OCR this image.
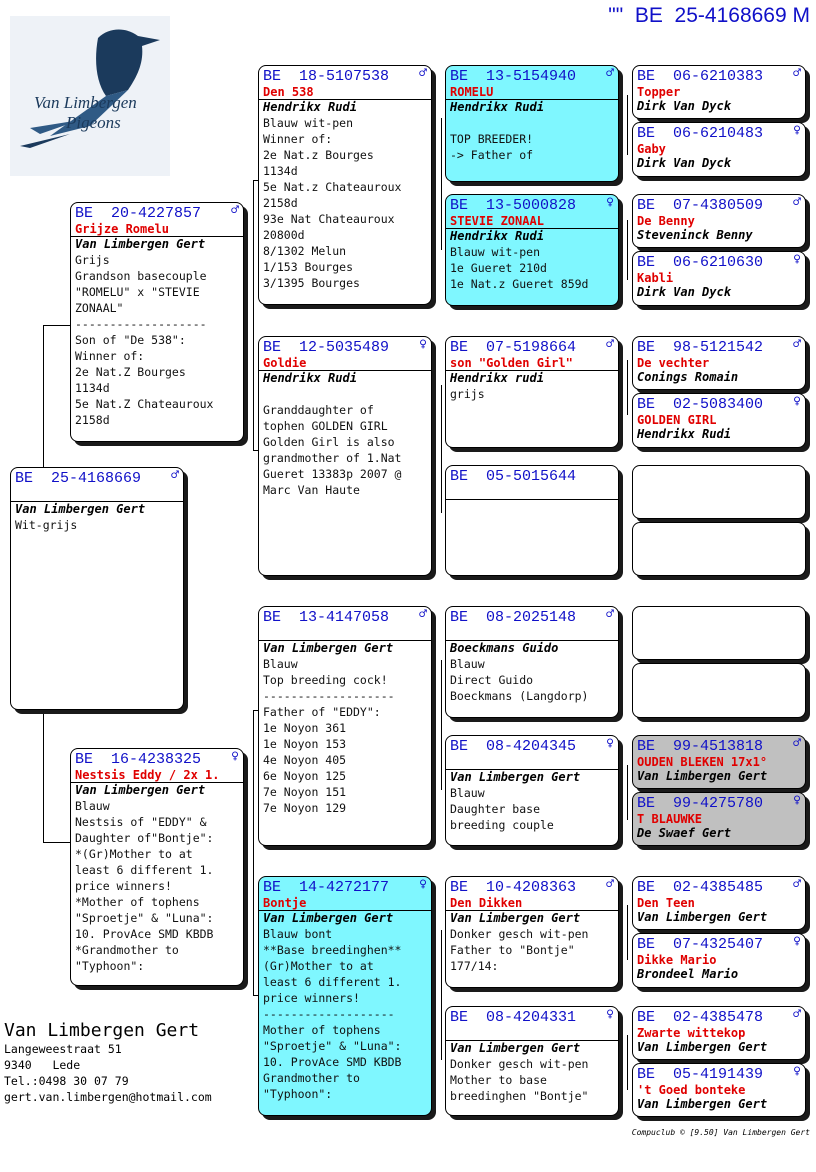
"" BE  25-4168669 M
Van Limbergen
Pigeons
BE  25-4168669 ♂
Van Limbergen Gert
Wit-grijs
BE  20-4227857 ♂
Grijze Romelu
Van Limbergen Gert
Grijs
Grandson basecouple
"ROMELU" x "STEVIE
ZONAAL"
-------------------
Son of "De 538":
Winner of:
2e Nat.Z Bourges
1134d
5e Nat.Z Chateauroux
2158d
BE  16-4238325 ♀
Nestsis Eddy / 2x 1.
Van Limbergen Gert
Blauw
Nestsis of "EDDY" &
Daughter of"Bontje":
*(Gr)Mother to at
least 6 different 1.
price winners!
*Mother of tophens
"Sproetje" & "Luna":
10. ProvAce SMD KBDB
*Grandmother to
"Typhoon":
BE  18-5107538 ♂
Den 538
Hendrikx Rudi
Blauw wit-pen
Winner of:
2e Nat.z Bourges
1134d
5e Nat.z Chateauroux
2158d
93e Nat Chateauroux
20800d
8/1302 Melun
1/153 Bourges
3/1395 Bourges
BE  12-5035489 ♀
Goldie
Hendrikx Rudi

Granddaughter of
tophen GOLDEN GIRL
Golden Girl is also
grandmother of 1.Nat
Gueret 13383p 2007 @
Marc Van Haute
BE  13-4147058 ♂
Van Limbergen Gert
Blauw
Top breeding cock!
-------------------
Father of "EDDY":
1e Noyon 361
1e Noyon 153
4e Noyon 405
6e Noyon 125
7e Noyon 151
7e Noyon 129
BE  14-4272177 ♀
Bontje
Van Limbergen Gert
Blauw bont
**Base breedinghen**
(Gr)Mother to at
least 6 different 1.
price winners!
-------------------
Mother of tophens
"Sproetje" & "Luna":
10. ProvAce SMD KBDB
Grandmother to
"Typhoon":
BE  13-5154940 ♂
ROMELU
Hendrikx Rudi

TOP BREEDER!
-> Father of
BE  13-5000828 ♀
STEVIE ZONAAL
Hendrikx Rudi
Blauw wit-pen
1e Gueret 210d
1e Nat.z Gueret 859d
BE  07-5198664 ♂
son "Golden Girl"
Hendrikx rudi
grijs
BE  05-5015644
BE  08-2025148 ♂
Boeckmans Guido
Blauw
Direct Guido
Boeckmans (Langdorp)
BE  08-4204345 ♀
Van Limbergen Gert
Blauw
Daughter base
breeding couple
BE  10-4208363 ♂
Den Dikken
Van Limbergen Gert
Donker gesch wit-pen
Father to "Bontje"
177/14:
BE  08-4204331 ♀
Van Limbergen Gert
Donker gesch wit-pen
Mother to base
breedinghen "Bontje"
BE  06-6210383 ♂
Topper
Dirk Van Dyck
BE  06-6210483 ♀
Gaby
Dirk Van Dyck
BE  07-4380509 ♂
De Benny
Steveninck Benny
BE  06-6210630 ♀
Kabli
Dirk Van Dyck
BE  98-5121542 ♂
De vechter
Conings Romain
BE  02-5083400 ♀
GOLDEN GIRL
Hendrikx Rudi
BE  99-4513818 ♂
OUDEN BLEKEN 17x1°
Van Limbergen Gert
BE  99-4275780 ♀
T BLAUWKE
De Swaef Gert
BE  02-4385485 ♂
Den Teen
Van Limbergen Gert
BE  07-4325407 ♀
Dikke Mario
Brondeel Mario
BE  02-4385478 ♂
Zwarte wittekop
Van Limbergen Gert
BE  05-4191439 ♀
't Goed bonteke
Van Limbergen Gert
Van Limbergen Gert
Langeweestraat 51
9340   Lede
Tel.:0498 30 07 79
gert.van.limbergen@hotmail.com
Compuclub © [9.50] Van Limbergen Gert
